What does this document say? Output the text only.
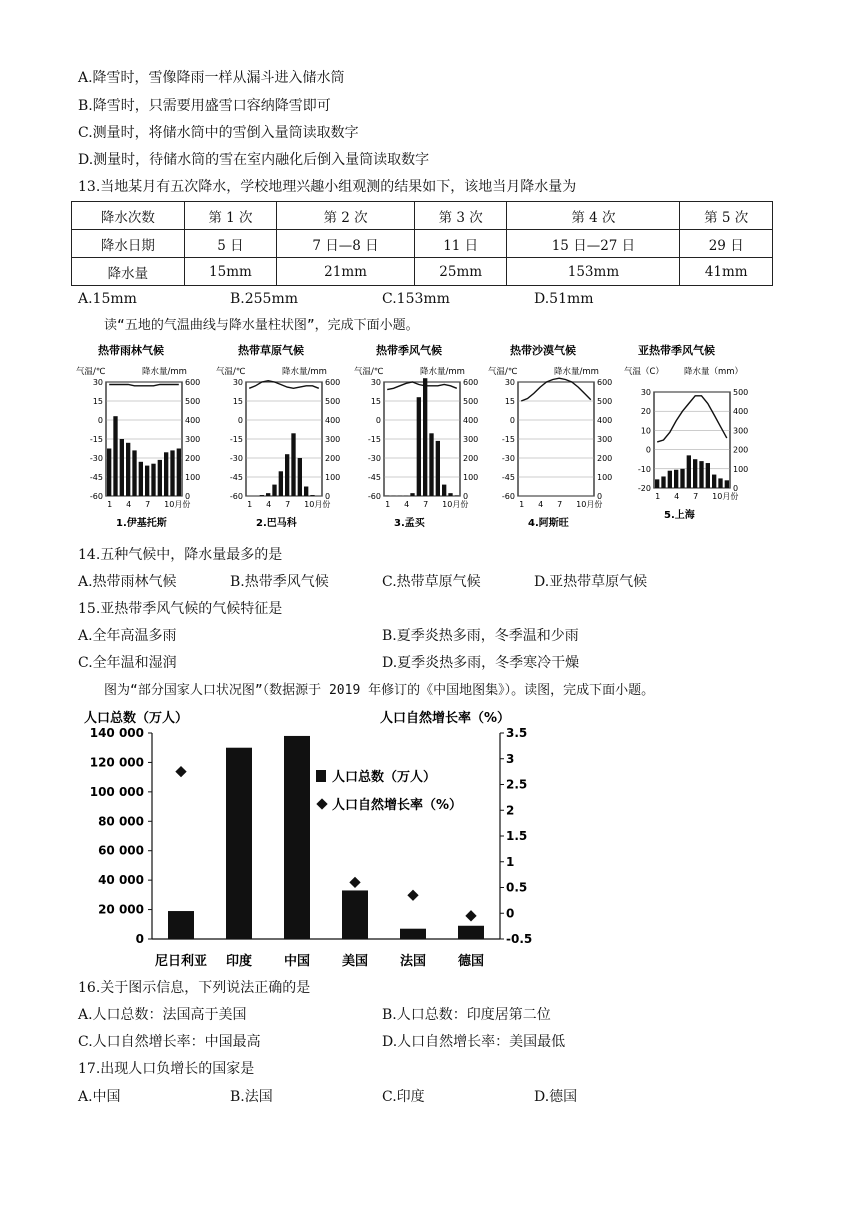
A.降雪时，雪像降雨一样从漏斗进入储水筒
B.降雪时，只需要用盛雪口容纳降雪即可
C.测量时，将储水筒中的雪倒入量筒读取数字
D.测量时，待储水筒的雪在室内融化后倒入量筒读取数字
13.当地某月有五次降水，学校地理兴趣小组观测的结果如下，该地当月降水量为
降水次数	第 1 次	第 2 次	第 3 次	第 4 次	第 5 次
降水日期	5 日	7 日—8 日	11 日	15 日—27 日	29 日
降水量	15mm	21mm	25mm	153mm	41mm
A.15mm	B.255mm	C.153mm	D.51mm
读“五地的气温曲线与降水量柱状图”，完成下面小题。
热带雨林气候
气温/℃	降水量/mm
30
15
0
-15
-30
-45
-60
600
500
400
300
200
100
0
1 4 7 10月份
1.伊基托斯
热带草原气候
气温/℃	降水量/mm
30
15
0
-15
-30
-45
-60
600
500
400
300
200
100
0
1 4 7 10月份
2.巴马科
热带季风气候
气温/℃	降水量/mm
30
15
0
-15
-30
-45
-60
600
500
400
300
200
100
0
1 4 7 10月份
3.孟买
热带沙漠气候
气温/℃	降水量/mm
30
15
0
-15
-30
-45
-60
600
500
400
300
200
100
0
1 4 7 10月份
4.阿斯旺
亚热带季风气候
气温（C） 降水量（mm）
30
20
10
0
-10
-20
500
400
300
200
100
0
1 4 7 10月份
5.上海
14.五种气候中，降水量最多的是
A.热带雨林气候	B.热带季风气候	C.热带草原气候	D.亚热带草原气候
15.亚热带季风气候的气候特征是
A.全年高温多雨	B.夏季炎热多雨，冬季温和少雨
C.全年温和湿润	D.夏季炎热多雨，冬季寒冷干燥
图为“部分国家人口状况图”（数据源于 2019 年修订的《中国地图集》）。读图，完成下面小题。
人口总数（万人）	人口自然增长率（%）
140 000
120 000
100 000
80 000
60 000
40 000
20 000
0
3.5
3
2.5
2
1.5
1
0.5
0
-0.5
尼日利亚 印度 中国 美国 法国 德国
人口总数（万人）
人口自然增长率（%）
16.关于图示信息，下列说法正确的是
A.人口总数：法国高于美国	B.人口总数：印度居第二位
C.人口自然增长率：中国最高	D.人口自然增长率：美国最低
17.出现人口负增长的国家是
A.中国	B.法国	C.印度	D.德国
